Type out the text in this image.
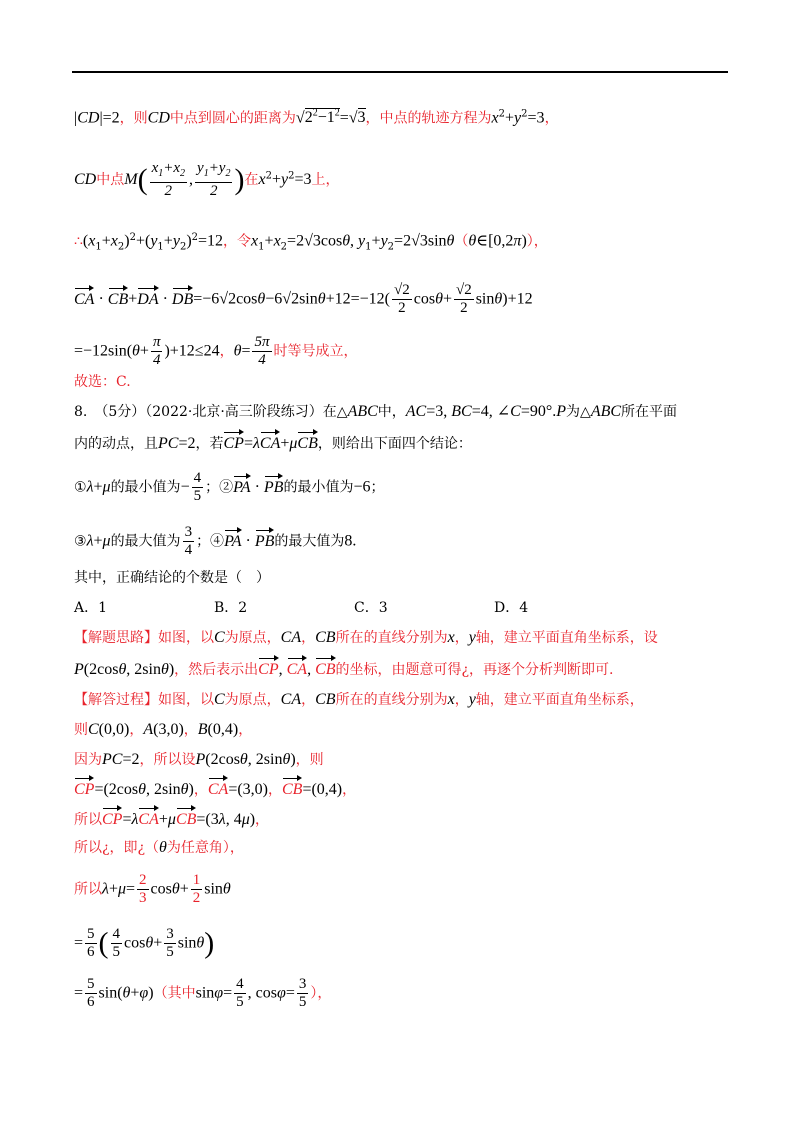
|CD|=2，则CD中点到圆心的距离为$√2^2-1^2=√3$，中点的轨迹方程为$x^2+y^2=3$，
CD中点$M( \frac{x_1+x_2}{2}$ , $\frac{y_1+y_2}{2}$ )在$x^2+y^2=3$上，
$\therefore(x_1+x_2)^2+(y_1+y_2)^2=12$，令$x_1+x_2=2√3\cos\theta$, $y_1+y_2=2√3\sin\theta(\theta\in[0,2\pi))$，
CA · $CB+DA \cdot DB=-6√2\cos\theta-6√2\sin\theta+12=-12( \frac{√2}{2} \cos\theta+ \frac{√2}{2} \sin\theta)+12$
$=-12\sin(\theta+ \frac{\pi}{4} )+12\le 24$，$\theta= \frac{5\pi}{4}$ 时等号成立，
故选：C.
8.　（5分）（2022·北京·高三阶段练习）在△ABC中，AC=3, BC=4, ∠C=90°.P为△ABC所在平面
内的动点，且PC=2，若CP=λCA+μCB，则给出下面四个结论：
①λ+μ的最小值为− $\frac{4}{5}$ ；②PA · PB的最小值为−6；
③λ+μ的最大值为 $\frac{3}{4}$ ；④PA · PB的最大值为8.
其中，正确结论的个数是（　）
A．1	B．2	C．3	D．4
【解题思路】如图，以C为原点，CA，CB所在的直线分别为x，y轴，建立平面直角坐标系，设
P(2cosθ, 2sinθ)，然后表示出CP, CA, CB的坐标，由题意可得¿，再逐个分析判断即可.
【解答过程】如图，以C为原点，CA，CB所在的直线分别为x，y轴，建立平面直角坐标系，
则C(0,0)，A(3,0)，B(0,4)，
因为PC=2，所以设P(2cosθ, 2sinθ)，则
CP=(2cosθ, 2sinθ)，CA=(3,0)，CB=(0,4)，
所以CP=λCA+μCB=(3λ, 4μ)，
所以¿，即¿（θ为任意角），
所以$\lambda+\mu= \frac{2}{3} \cos\theta+ \frac{1}{2}$ sinθ
= $\frac{5}{6}$ ( $\frac{4}{5} \cos\theta+ \frac{3}{5} \sin\theta$)
= $\frac{5}{6} \sin(\theta+\varphi)$（其中$\sin\varphi= \frac{4}{5}$ , $\cos\varphi= \frac{3}{5}$ ），
